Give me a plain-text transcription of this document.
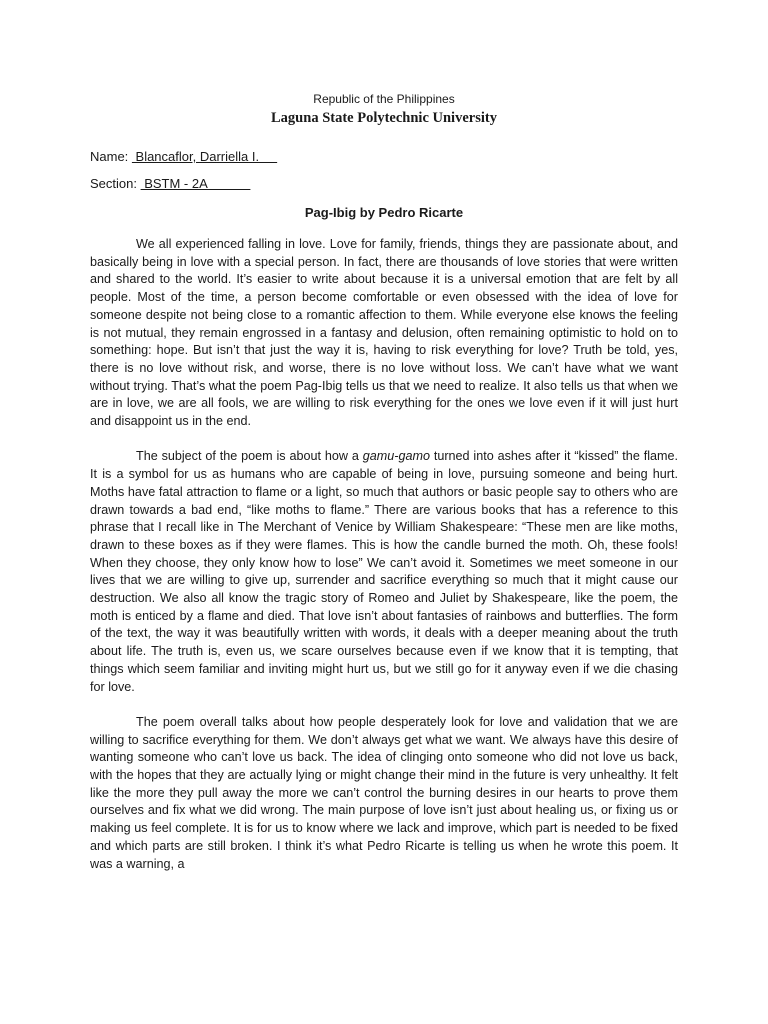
Republic of the Philippines
Laguna State Polytechnic University
Name:  Blancaflor, Darriella I.
Section:  BSTM - 2A
Pag-Ibig by Pedro Ricarte

We all experienced falling in love. Love for family, friends, things they are passionate about, and basically being in love with a special person. In fact, there are thousands of love stories that were written and shared to the world. It’s easier to write about because it is a universal emotion that are felt by all people. Most of the time, a person become comfortable or even obsessed with the idea of love for someone despite not being close to a romantic affection to them. While everyone else knows the feeling is not mutual, they remain engrossed in a fantasy and delusion, often remaining optimistic to hold on to something: hope. But isn’t that just the way it is, having to risk everything for love? Truth be told, yes, there is no love without risk, and worse, there is no love without loss. We can’t have what we want without trying. That’s what the poem Pag-Ibig tells us that we need to realize. It also tells us that when we are in love, we are all fools, we are willing to risk everything for the ones we love even if it will just hurt and disappoint us in the end.

The subject of the poem is about how a gamu-gamo turned into ashes after it “kissed” the flame. It is a symbol for us as humans who are capable of being in love, pursuing someone and being hurt. Moths have fatal attraction to flame or a light, so much that authors or basic people say to others who are drawn towards a bad end, “like moths to flame.” There are various books that has a reference to this phrase that I recall like in The Merchant of Venice by William Shakespeare: “These men are like moths, drawn to these boxes as if they were flames. This is how the candle burned the moth. Oh, these fools! When they choose, they only know how to lose” We can’t avoid it. Sometimes we meet someone in our lives that we are willing to give up, surrender and sacrifice everything so much that it might cause our destruction. We also all know the tragic story of Romeo and Juliet by Shakespeare, like the poem, the moth is enticed by a flame and died. That love isn’t about fantasies of rainbows and butterflies. The form of the text, the way it was beautifully written with words, it deals with a deeper meaning about the truth about life. The truth is, even us, we scare ourselves because even if we know that it is tempting, that things which seem familiar and inviting might hurt us, but we still go for it anyway even if we die chasing for love.

The poem overall talks about how people desperately look for love and validation that we are willing to sacrifice everything for them. We don’t always get what we want. We always have this desire of wanting someone who can’t love us back. The idea of clinging onto someone who did not love us back, with the hopes that they are actually lying or might change their mind in the future is very unhealthy. It felt like the more they pull away the more we can’t control the burning desires in our hearts to prove them ourselves and fix what we did wrong. The main purpose of love isn’t just about healing us, or fixing us or making us feel complete. It is for us to know where we lack and improve, which part is needed to be fixed and which parts are still broken. I think it’s what Pedro Ricarte is telling us when he wrote this poem. It was a warning, a
